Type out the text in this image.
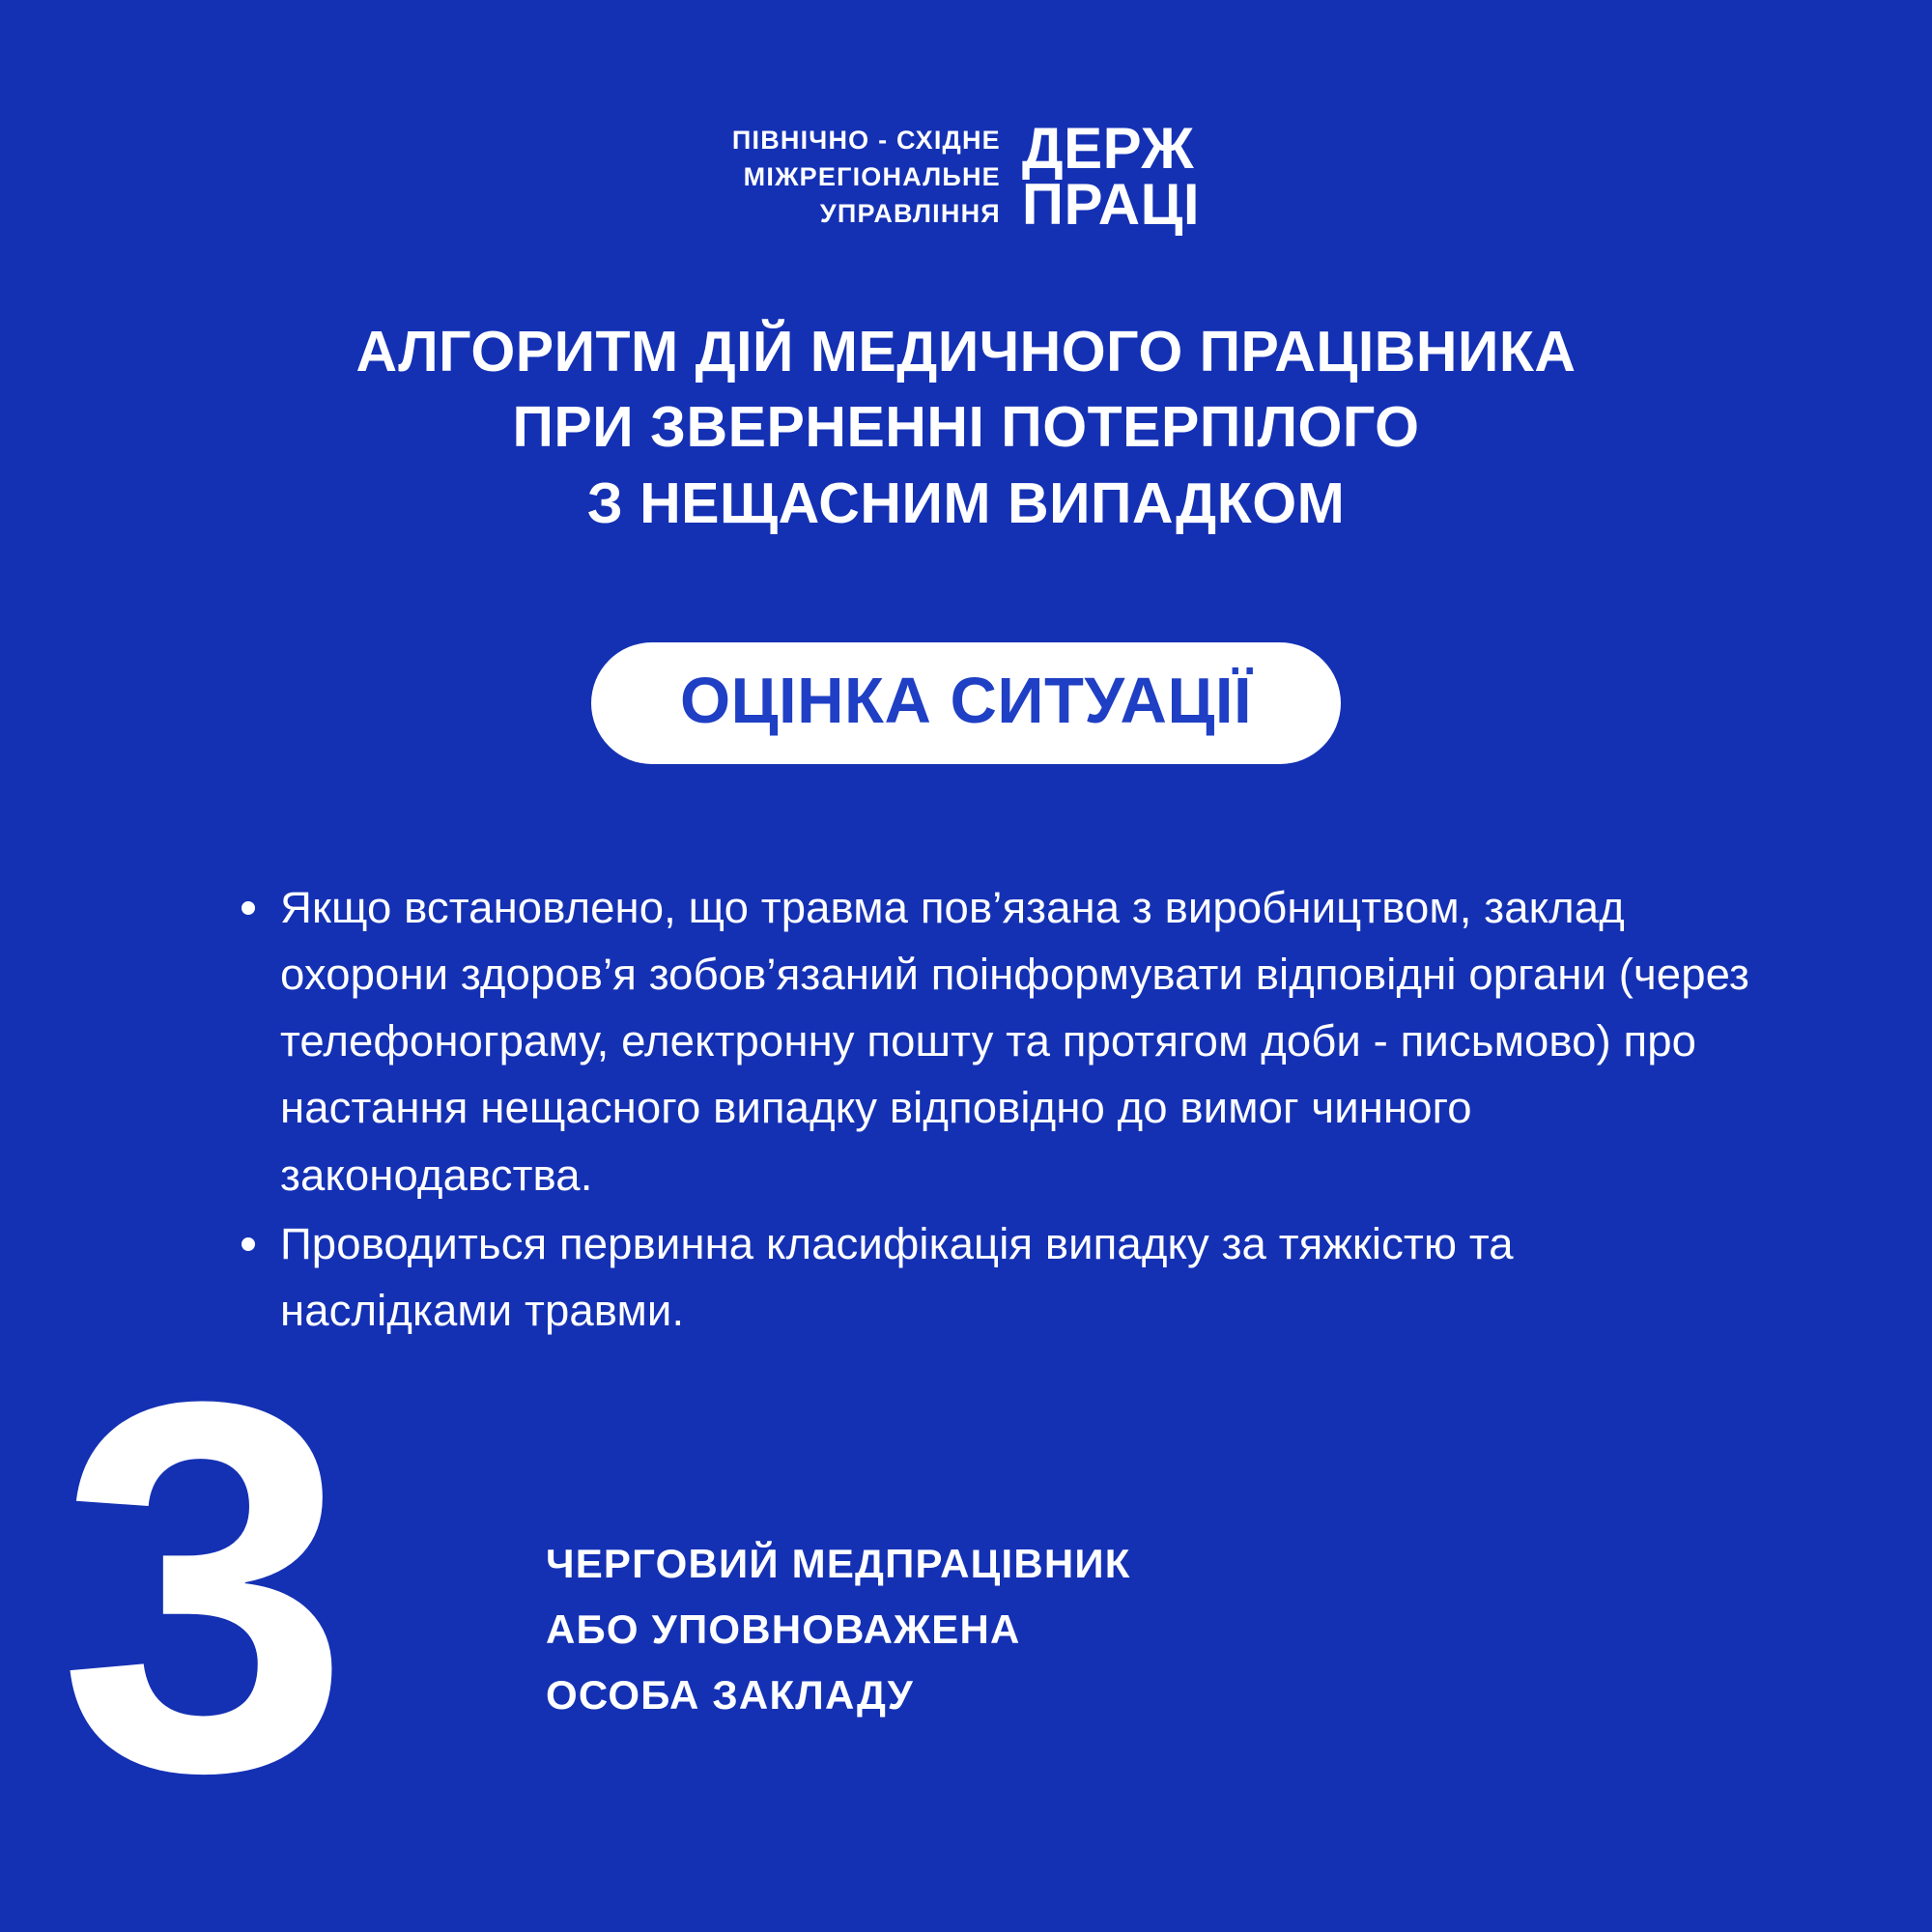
ПІВНІЧНО - СХІДНЕ
МІЖРЕГІОНАЛЬНЕ
УПРАВЛІННЯ
ДЕРЖ
ПРАЦІ
АЛГОРИТМ ДІЙ МЕДИЧНОГО ПРАЦІВНИКА
ПРИ ЗВЕРНЕННІ ПОТЕРПІЛОГО
З НЕЩАСНИМ ВИПАДКОМ
ОЦІНКА СИТУАЦІЇ
Якщо встановлено, що травма пов’язана з виробництвом, заклад охорони здоров’я зобов’язаний поінформувати відповідні органи (через телефонограму, електронну пошту та протягом доби - письмово) про настання нещасного випадку відповідно до вимог чинного законодавства.
Проводиться первинна класифікація випадку за тяжкістю та наслідками травми.
3	ЧЕРГОВИЙ МЕДПРАЦІВНИК
АБО УПОВНОВАЖЕНА
ОСОБА ЗАКЛАДУ
